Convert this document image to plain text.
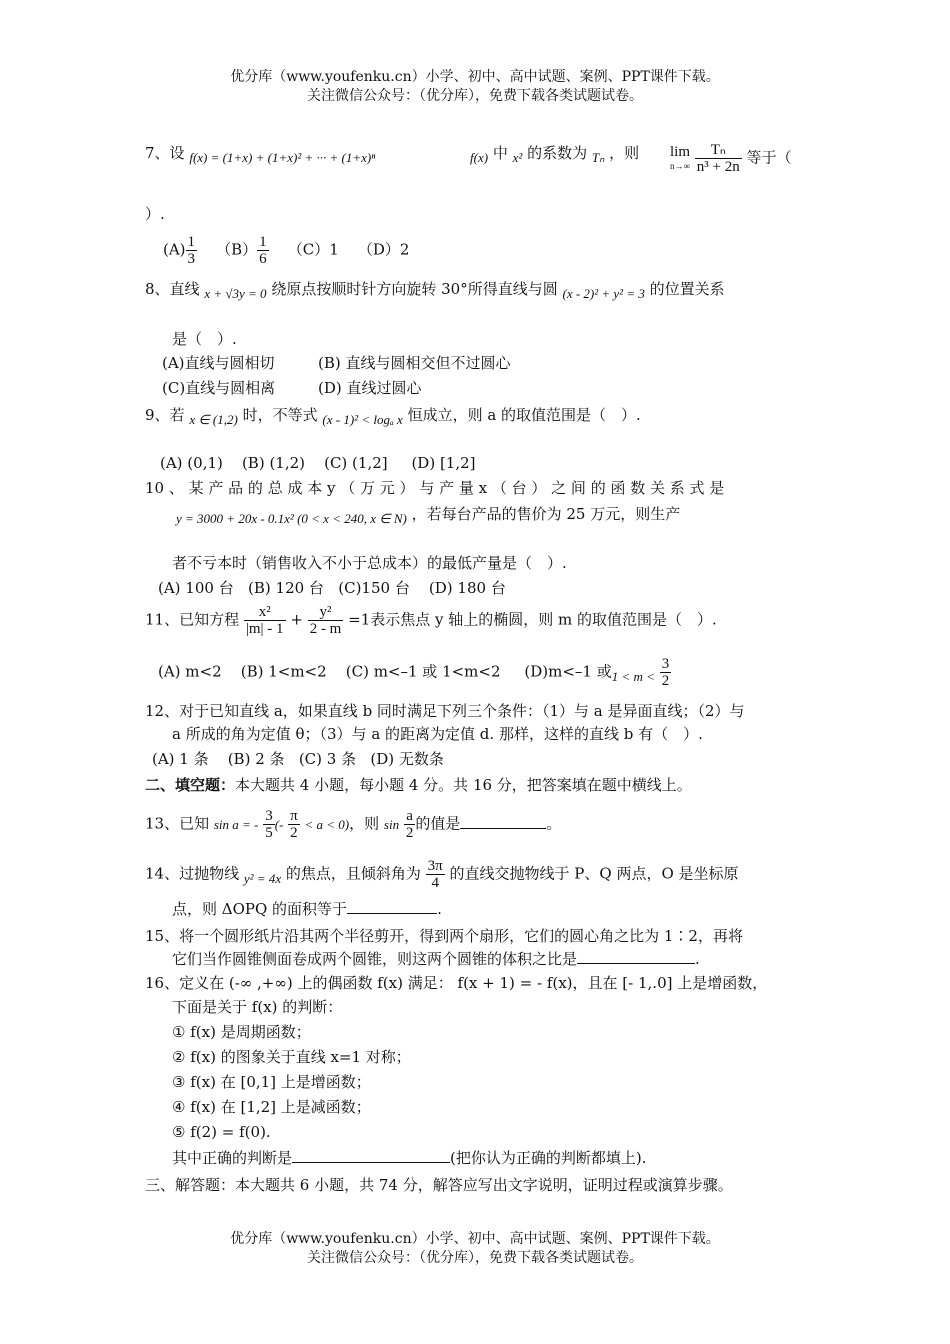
优分库（www.youfenku.cn）小学、初中、高中试题、案例、PPT课件下载。
关注微信公众号：（优分库），免费下载各类试题试卷。
7、设 f(x) = (1+x) + (1+x)² + ··· + (1+x)ⁿ	f(x) 中 x² 的系数为 Tₙ ，则 lim
n→∞
$\frac{\text{Tₙ}}{\text{n³ + 2n}}$ 等于（
）.
$(A) \frac{1}{3} (B) \frac{1}{6} (C)1$ （D）2
8、直线 x + √3y = 0 绕原点按顺时针方向旋转 30°所得直线与圆 (x - 2)² + y² = 3 的位置关系
是（　）.
(A)直线与圆相切	(B) 直线与圆相交但不过圆心
(C)直线与圆相离	(D) 直线过圆心
9、若 x ∈ (1,2) 时，不等式 (x - 1)² < logₐ x 恒成立，则 a 的取值范围是（　）.
(A) (0,1) (B) (1,2) (C) (1,2] (D) [1,2]
10 、 某 产 品 的 总 成 本 y （ 万 元 ） 与 产 量 x （ 台 ） 之 间 的 函 数 关 系 式 是
y = 3000 + 20x - 0.1x² (0 < x < 240, x ∈ N) ，若每台产品的售价为 25 万元，则生产
者不亏本时（销售收入不小于总成本）的最低产量是（　）.
(A) 100 台 (B) 120 台 (C)150 台 (D) 180 台
11、已知方程 $\frac{\text{x²}}{|m| - 1} + \frac{\text{y²}}{2 - m} =1$表示焦点 y 轴上的椭圆，则 m 的取值范围是（　）.
(A) m<2 (B) 1<m<2 (C) m<–1 或 1<m<2 (D)m<–1 或$1 < m < \frac{3}{2}$
12、对于已知直线 a，如果直线 b 同时满足下列三个条件：（1）与 a 是异面直线；（2）与
a 所成的角为定值 θ；（3）与 a 的距离为定值 d. 那样，这样的直线 b 有（　）.
(A) 1 条 (B) 2 条 (C) 3 条 (D) 无数条
二、填空题：本大题共 4 小题，每小题 4 分。共 16 分，把答案填在题中横线上。
13、已知 sin a = - $\frac{3}{5}$ (- $\frac{\pi}{2} < a < 0$)，则 $\sin \frac{a}{2}$ 的值是	。
14、过抛物线 y² = 4x 的焦点，且倾斜角为 $\frac{3\pi}{4}$ 的直线交抛物线于 P、Q 两点，O 是坐标原
点，则 ΔOPQ 的面积等于	.
15、将一个圆形纸片沿其两个半径剪开，得到两个扇形，它们的圆心角之比为 1∶2，再将
它们当作圆锥侧面卷成两个圆锥，则这两个圆锥的体积之比是	.
16、定义在 (-∞ ,+∞) 上的偶函数 f(x) 满足： f(x + 1) = - f(x)，且在 [- 1,.0] 上是增函数，
下面是关于 f(x) 的判断：
① f(x) 是周期函数；
② f(x) 的图象关于直线 x=1 对称；
③ f(x) 在 [0,1] 上是增函数；
④ f(x) 在 [1,2] 上是减函数；
⑤ f(2) = f(0).
其中正确的判断是	(把你认为正确的判断都填上).
三、解答题：本大题共 6 小题，共 74 分，解答应写出文字说明，证明过程或演算步骤。
优分库（www.youfenku.cn）小学、初中、高中试题、案例、PPT课件下载。
关注微信公众号：（优分库），免费下载各类试题试卷。
